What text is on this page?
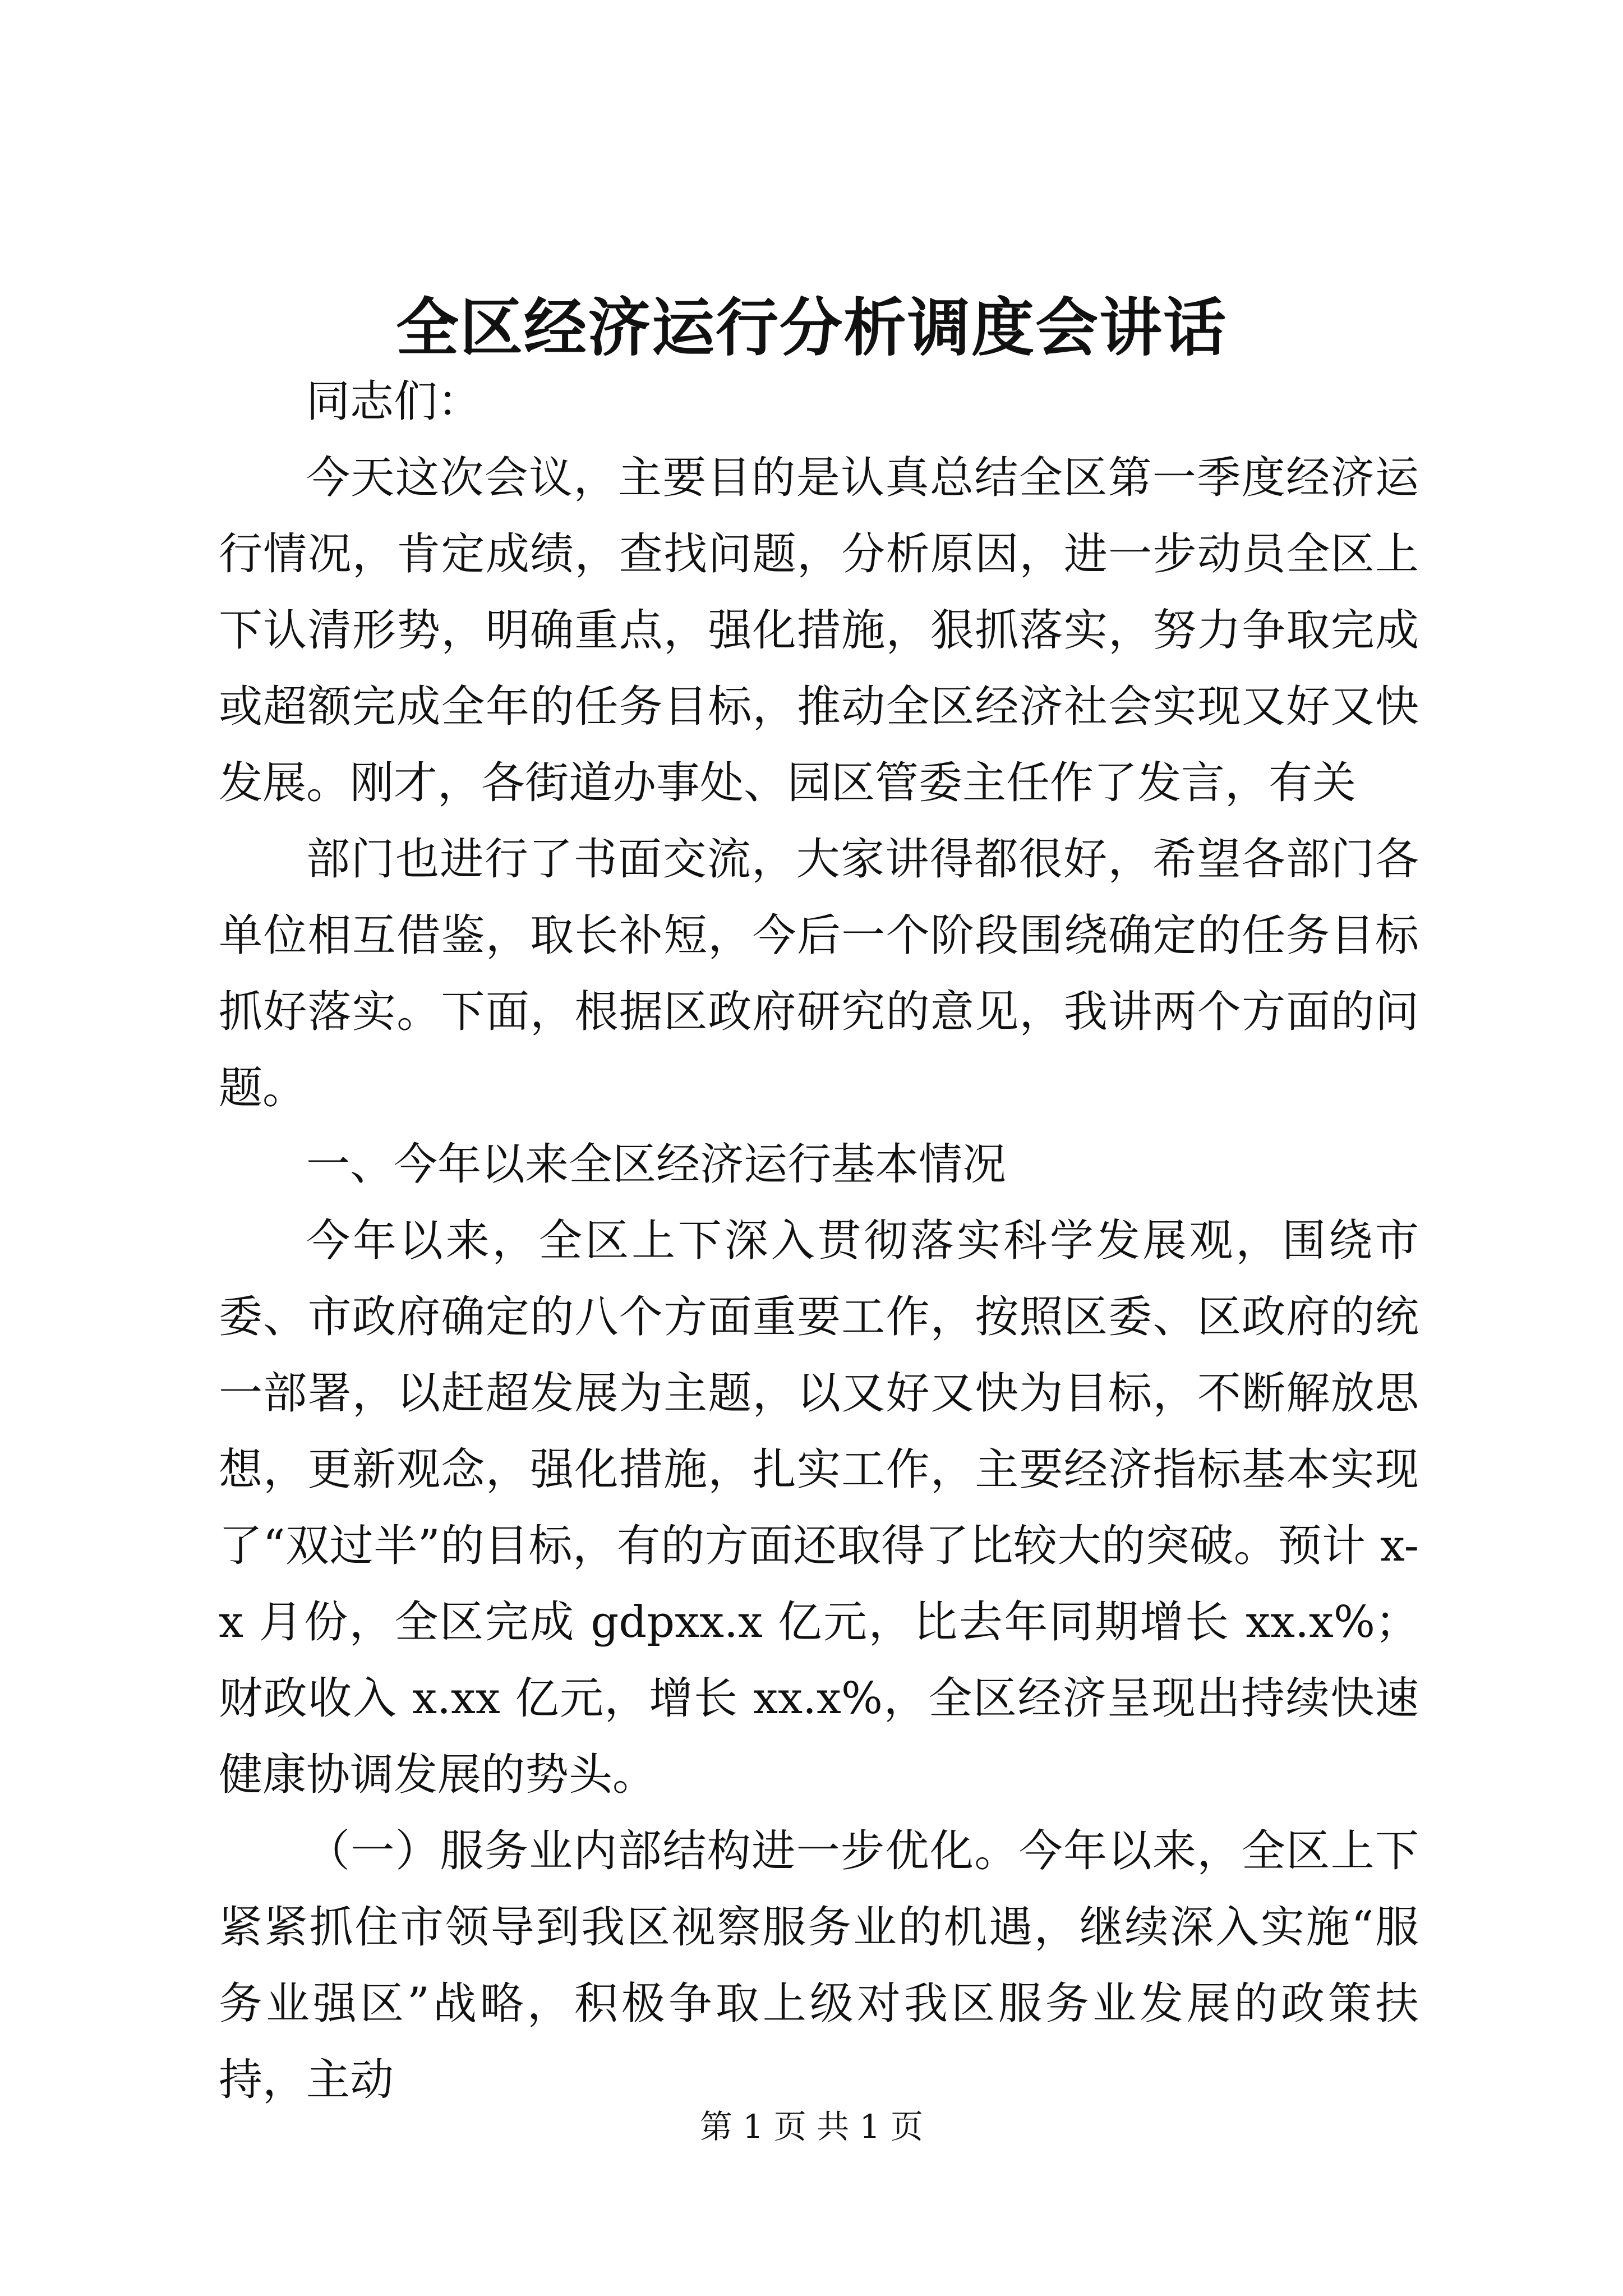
全区经济运行分析调度会讲话

同志们：

今天这次会议，主要目的是认真总结全区第一季度经济运行情况，肯定成绩，查找问题，分析原因，进一步动员全区上下认清形势，明确重点，强化措施，狠抓落实，努力争取完成或超额完成全年的任务目标，推动全区经济社会实现又好又快发展。刚才，各街道办事处、园区管委主任作了发言，有关

部门也进行了书面交流，大家讲得都很好，希望各部门各单位相互借鉴，取长补短，今后一个阶段围绕确定的任务目标抓好落实。下面，根据区政府研究的意见，我讲两个方面的问题。

一、今年以来全区经济运行基本情况

今年以来，全区上下深入贯彻落实科学发展观，围绕市委、市政府确定的八个方面重要工作，按照区委、区政府的统一部署，以赶超发展为主题，以又好又快为目标，不断解放思想，更新观念，强化措施，扎实工作，主要经济指标基本实现了“双过半”的目标，有的方面还取得了比较大的突破。预计 x-x 月份，全区完成 gdpxx.x 亿元，比去年同期增长 xx.x%；财政收入 x.xx 亿元，增长 xx.x%，全区经济呈现出持续快速健康协调发展的势头。

（一）服务业内部结构进一步优化。今年以来，全区上下紧紧抓住市领导到我区视察服务业的机遇，继续深入实施“服务业强区”战略，积极争取上级对我区服务业发展的政策扶持，主动

第 1 页 共 1 页
